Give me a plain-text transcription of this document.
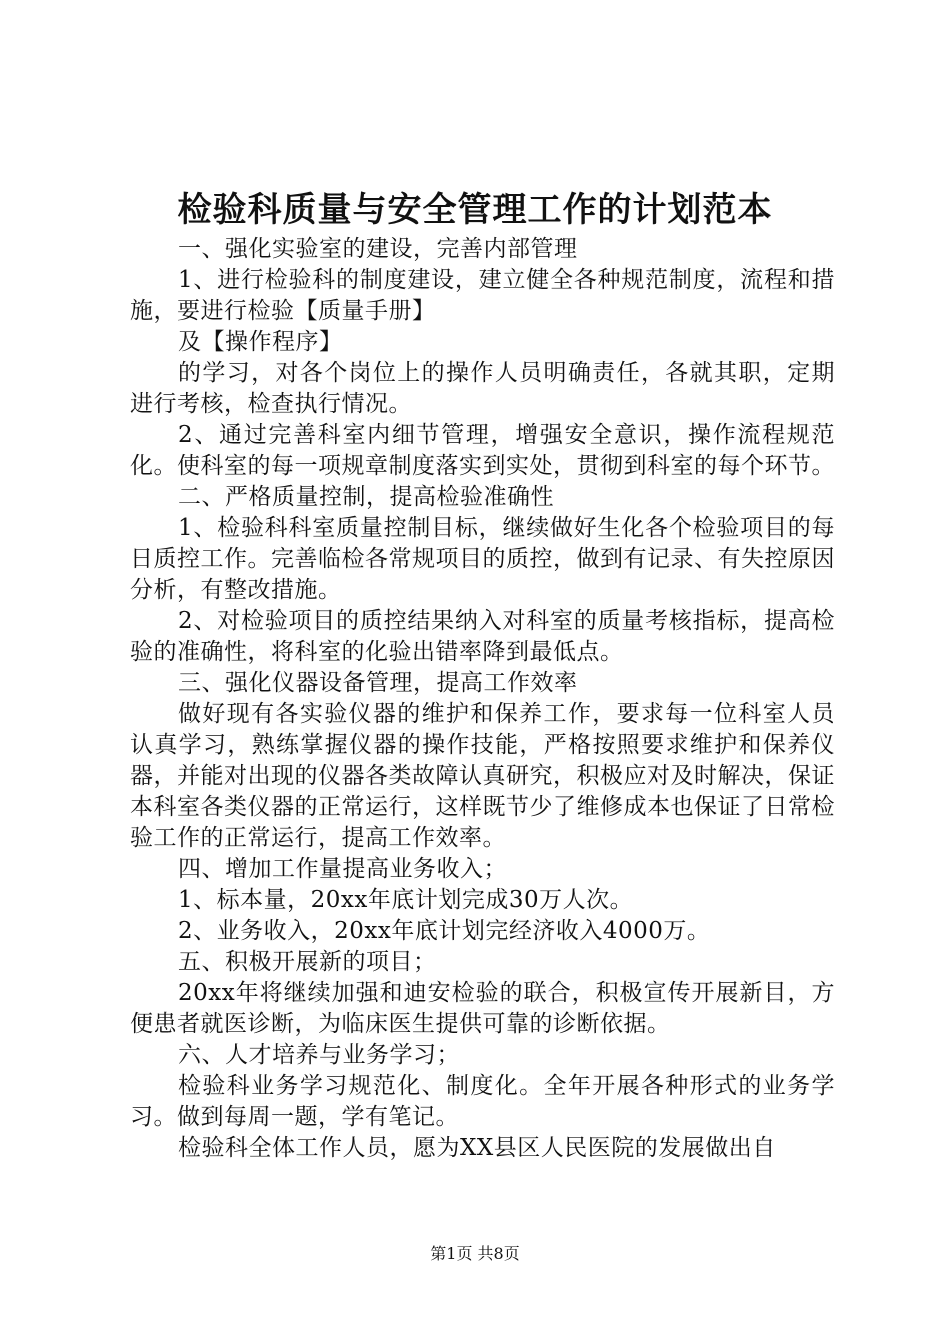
检验科质量与安全管理工作的计划范本

一、强化实验室的建设，完善内部管理

1、进行检验科的制度建设，建立健全各种规范制度，流程和措施，要进行检验【质量手册】

及【操作程序】

的学习，对各个岗位上的操作人员明确责任，各就其职，定期进行考核，检查执行情况。

2、通过完善科室内细节管理，增强安全意识，操作流程规范化。使科室的每一项规章制度落实到实处，贯彻到科室的每个环节。

二、严格质量控制，提高检验准确性

1、检验科科室质量控制目标，继续做好生化各个检验项目的每日质控工作。完善临检各常规项目的质控，做到有记录、有失控原因分析，有整改措施。

2、对检验项目的质控结果纳入对科室的质量考核指标，提高检验的准确性，将科室的化验出错率降到最低点。

三、强化仪器设备管理，提高工作效率

做好现有各实验仪器的维护和保养工作，要求每一位科室人员认真学习，熟练掌握仪器的操作技能，严格按照要求维护和保养仪器，并能对出现的仪器各类故障认真研究，积极应对及时解决，保证本科室各类仪器的正常运行，这样既节少了维修成本也保证了日常检验工作的正常运行，提高工作效率。

四、增加工作量提高业务收入；

1、标本量，20xx年底计划完成30万人次。

2、业务收入，20xx年底计划完经济收入4000万。

五、积极开展新的项目；

20xx年将继续加强和迪安检验的联合，积极宣传开展新目，方便患者就医诊断，为临床医生提供可靠的诊断依据。

六、人才培养与业务学习；

检验科业务学习规范化、制度化。全年开展各种形式的业务学习。做到每周一题，学有笔记。

检验科全体工作人员，愿为XX县区人民医院的发展做出自

第1页 共8页
